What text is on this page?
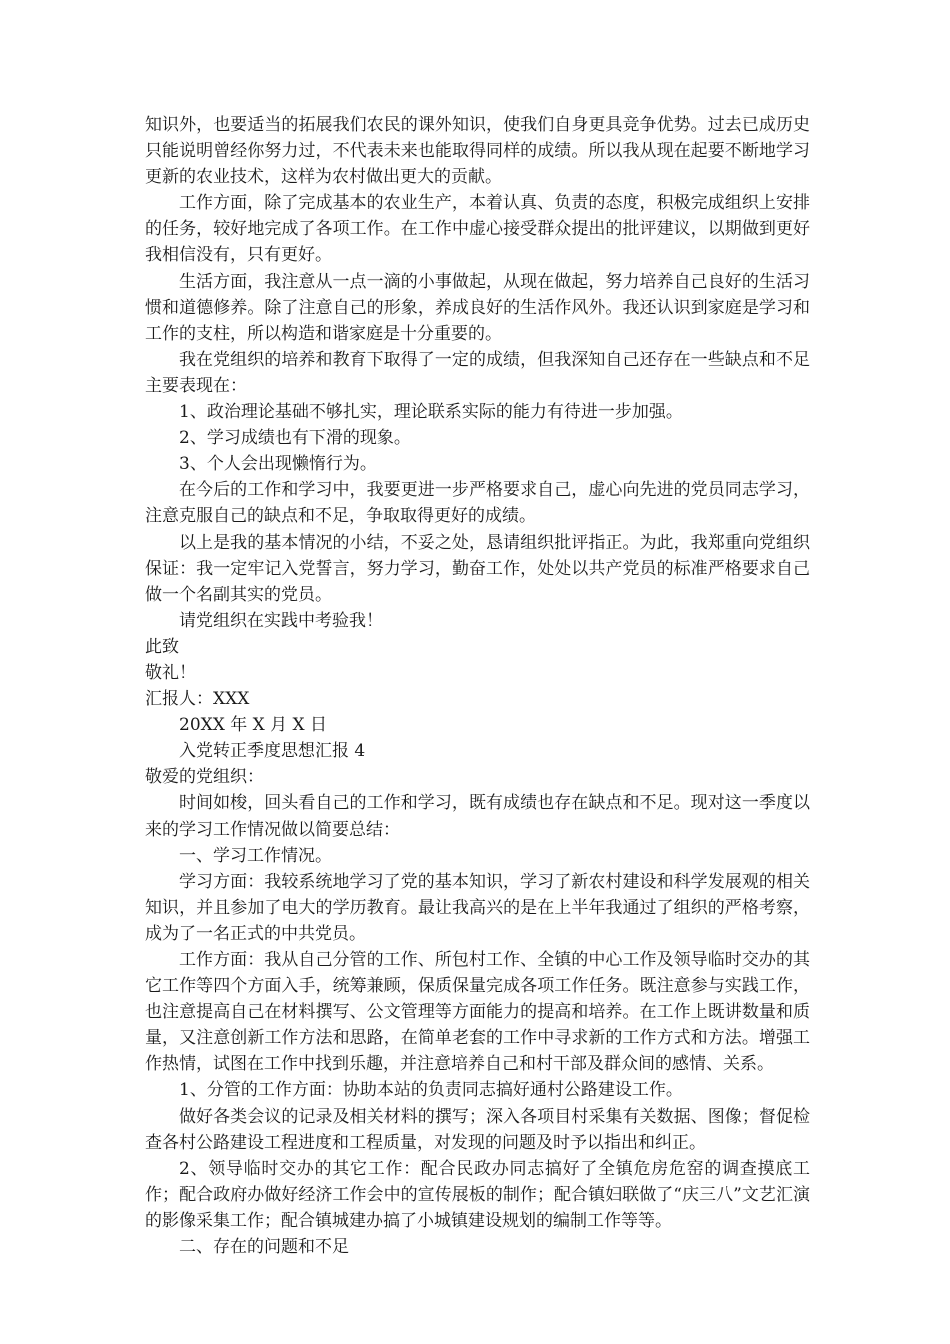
知识外，也要适当的拓展我们农民的课外知识，使我们自身更具竞争优势。过去已成历史只能说明曾经你努力过，不代表未来也能取得同样的成绩。所以我从现在起要不断地学习更新的农业技术，这样为农村做出更大的贡献。

工作方面，除了完成基本的农业生产，本着认真、负责的态度，积极完成组织上安排的任务，较好地完成了各项工作。在工作中虚心接受群众提出的批评建议，以期做到更好我相信没有，只有更好。

生活方面，我注意从一点一滴的小事做起，从现在做起，努力培养自己良好的生活习惯和道德修养。除了注意自己的形象，养成良好的生活作风外。我还认识到家庭是学习和工作的支柱，所以构造和谐家庭是十分重要的。

我在党组织的培养和教育下取得了一定的成绩，但我深知自己还存在一些缺点和不足主要表现在：

1、政治理论基础不够扎实，理论联系实际的能力有待进一步加强。

2、学习成绩也有下滑的现象。

3、个人会出现懒惰行为。

在今后的工作和学习中，我要更进一步严格要求自己，虚心向先进的党员同志学习，注意克服自己的缺点和不足，争取取得更好的成绩。

以上是我的基本情况的小结，不妥之处，恳请组织批评指正。为此，我郑重向党组织保证：我一定牢记入党誓言，努力学习，勤奋工作，处处以共产党员的标准严格要求自己做一个名副其实的党员。

请党组织在实践中考验我！

此致

敬礼！

汇报人：XXX

20XX 年 X 月 X 日

入党转正季度思想汇报 4

敬爱的党组织：

时间如梭，回头看自己的工作和学习，既有成绩也存在缺点和不足。现对这一季度以来的学习工作情况做以简要总结：

一、学习工作情况。

学习方面：我较系统地学习了党的基本知识，学习了新农村建设和科学发展观的相关知识，并且参加了电大的学历教育。最让我高兴的是在上半年我通过了组织的严格考察，成为了一名正式的中共党员。

工作方面：我从自己分管的工作、所包村工作、全镇的中心工作及领导临时交办的其它工作等四个方面入手，统筹兼顾，保质保量完成各项工作任务。既注意参与实践工作，也注意提高自己在材料撰写、公文管理等方面能力的提高和培养。在工作上既讲数量和质量，又注意创新工作方法和思路，在简单老套的工作中寻求新的工作方式和方法。增强工作热情，试图在工作中找到乐趣，并注意培养自己和村干部及群众间的感情、关系。

1、分管的工作方面：协助本站的负责同志搞好通村公路建设工作。

做好各类会议的记录及相关材料的撰写；深入各项目村采集有关数据、图像；督促检查各村公路建设工程进度和工程质量，对发现的问题及时予以指出和纠正。

2、领导临时交办的其它工作：配合民政办同志搞好了全镇危房危窑的调查摸底工作；配合政府办做好经济工作会中的宣传展板的制作；配合镇妇联做了“庆三八”文艺汇演的影像采集工作；配合镇城建办搞了小城镇建设规划的编制工作等等。

二、存在的问题和不足
